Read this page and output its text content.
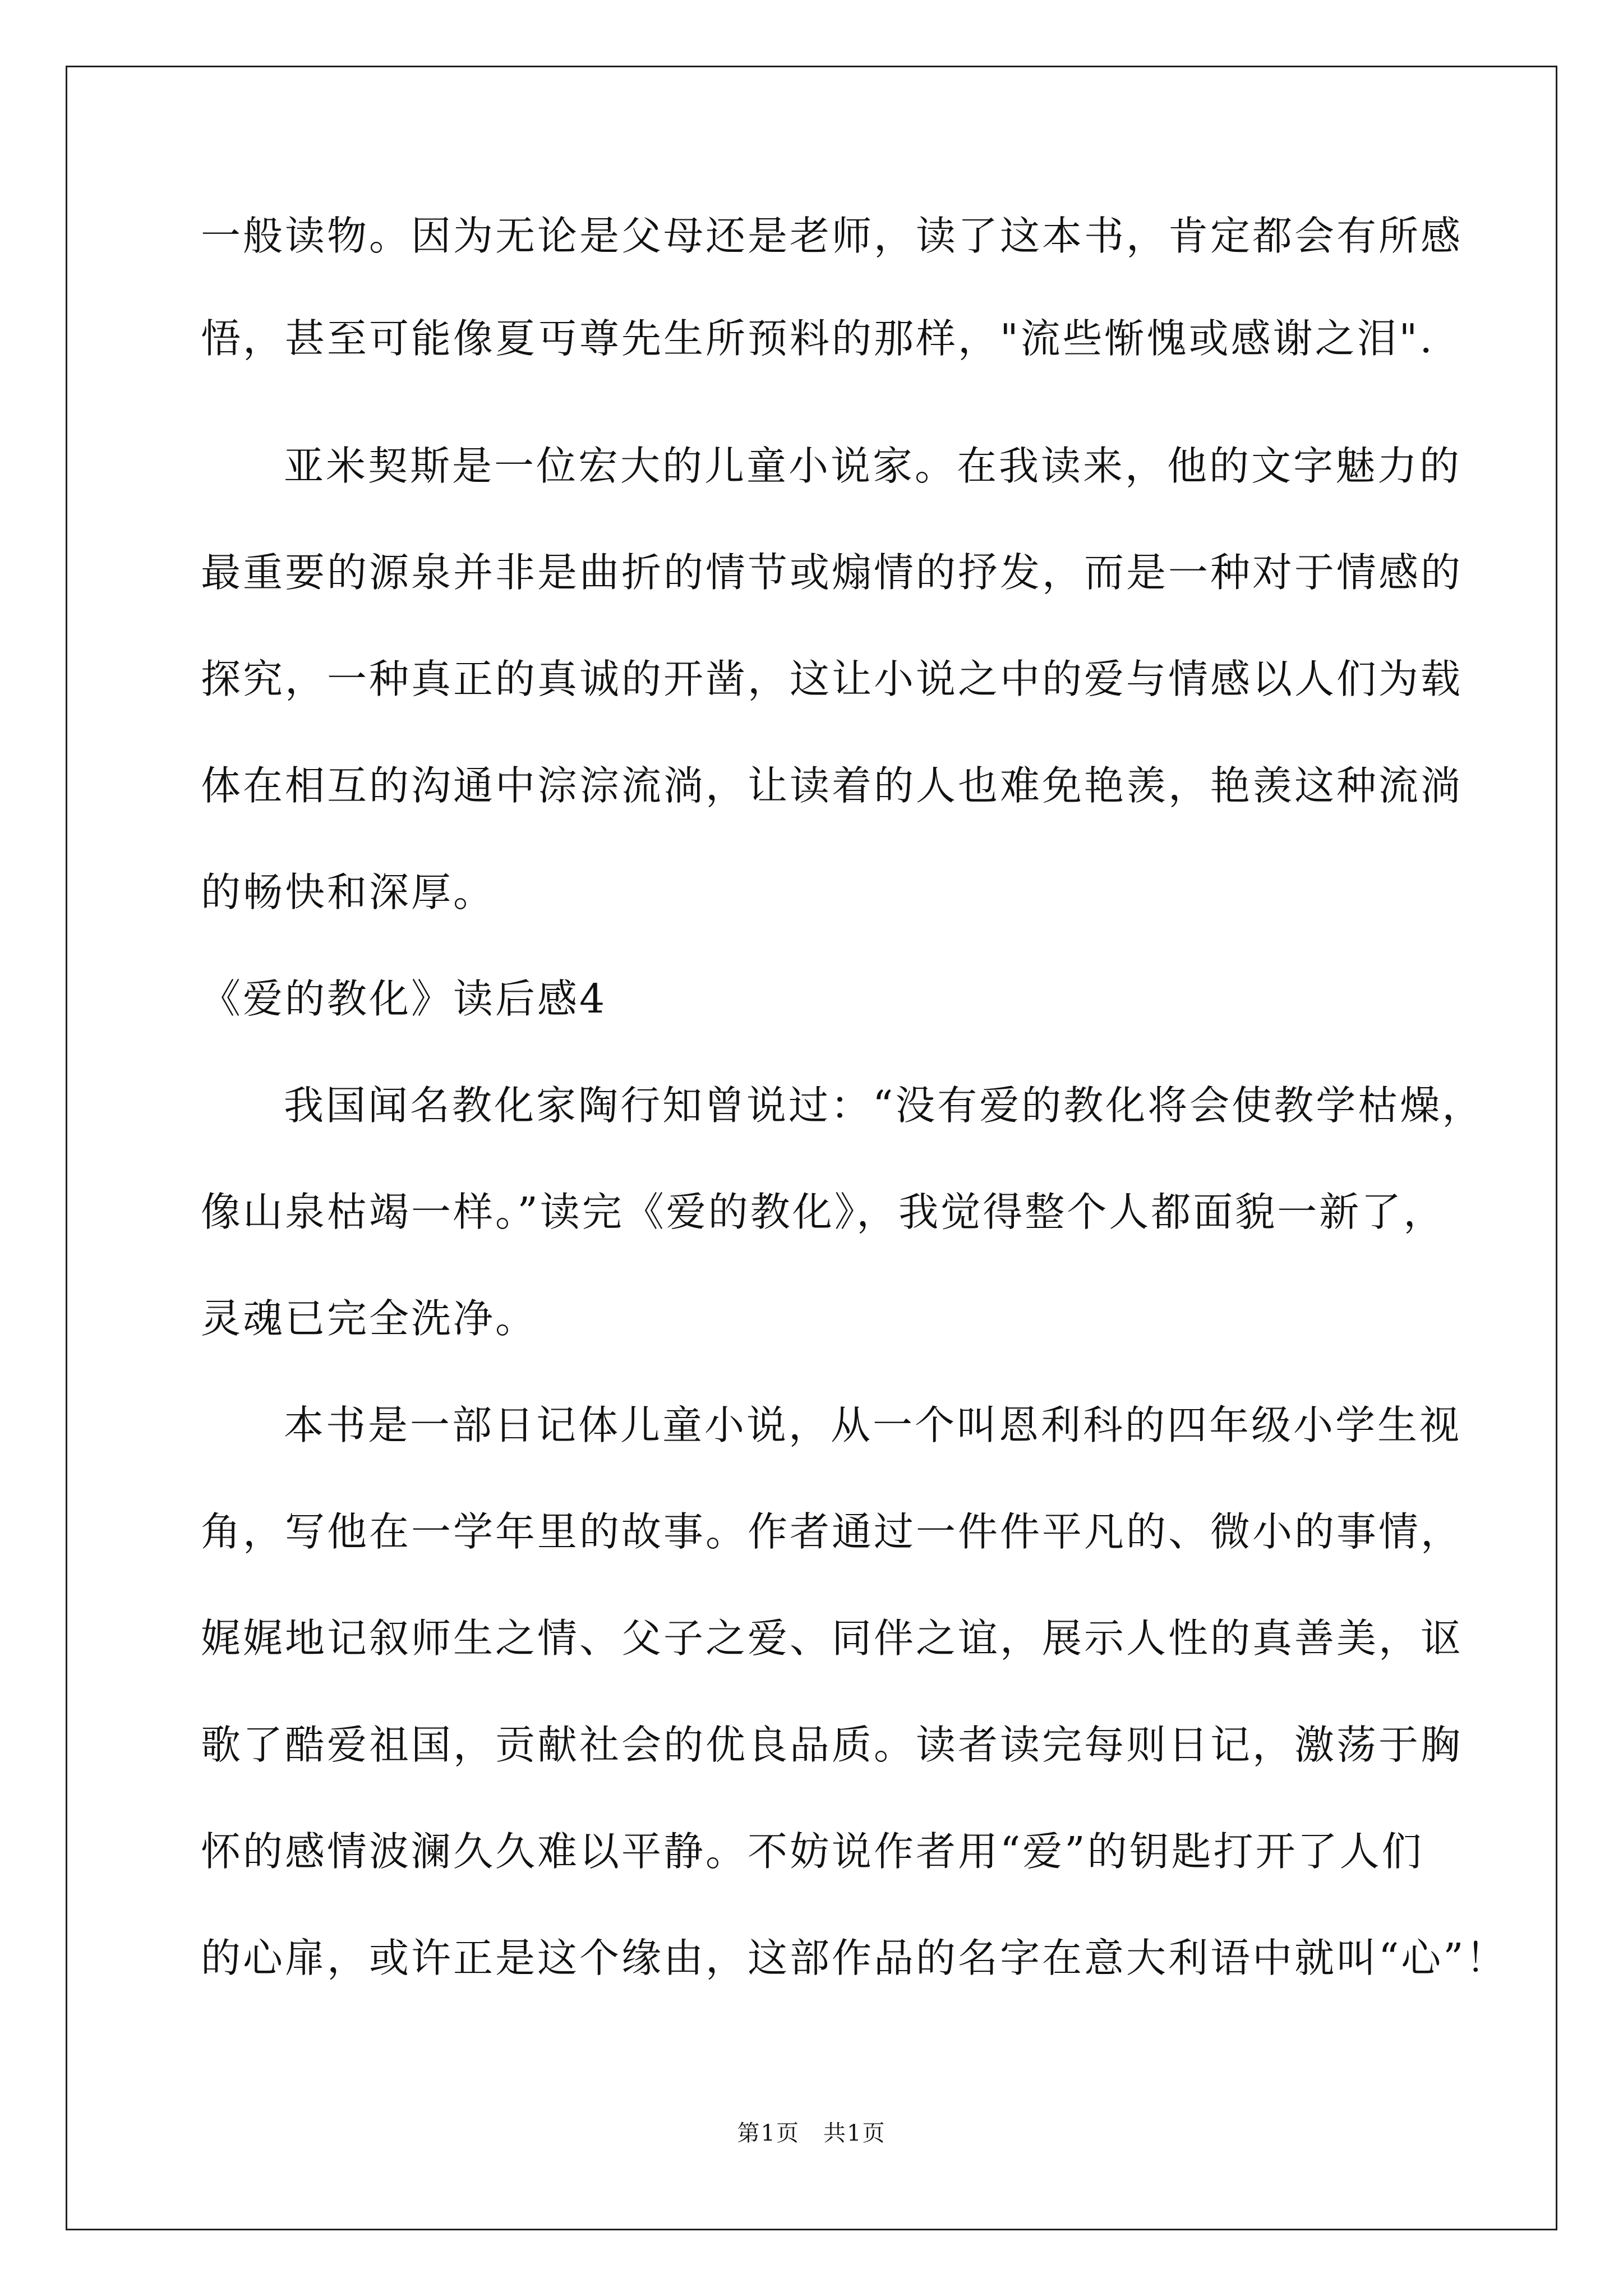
一般读物。因为无论是父母还是老师，读了这本书，肯定都会有所感
悟，甚至可能像夏丏尊先生所预料的那样，"流些惭愧或感谢之泪".
亚米契斯是一位宏大的儿童小说家。在我读来，他的文字魅力的
最重要的源泉并非是曲折的情节或煽情的抒发，而是一种对于情感的
探究，一种真正的真诚的开凿，这让小说之中的爱与情感以人们为载
体在相互的沟通中淙淙流淌，让读着的人也难免艳羡，艳羡这种流淌
的畅快和深厚。
《爱的教化》读后感4
我国闻名教化家陶行知曾说过：“没有爱的教化将会使教学枯燥，
像山泉枯竭一样。”读完《爱的教化》，我觉得整个人都面貌一新了，
灵魂已完全洗净。
本书是一部日记体儿童小说，从一个叫恩利科的四年级小学生视
角，写他在一学年里的故事。作者通过一件件平凡的、微小的事情，
娓娓地记叙师生之情、父子之爱、同伴之谊，展示人性的真善美，讴
歌了酷爱祖国，贡献社会的优良品质。读者读完每则日记，激荡于胸
怀的感情波澜久久难以平静。不妨说作者用“爱”的钥匙打开了人们
的心扉，或许正是这个缘由，这部作品的名字在意大利语中就叫“心”！
第1页　共1页
